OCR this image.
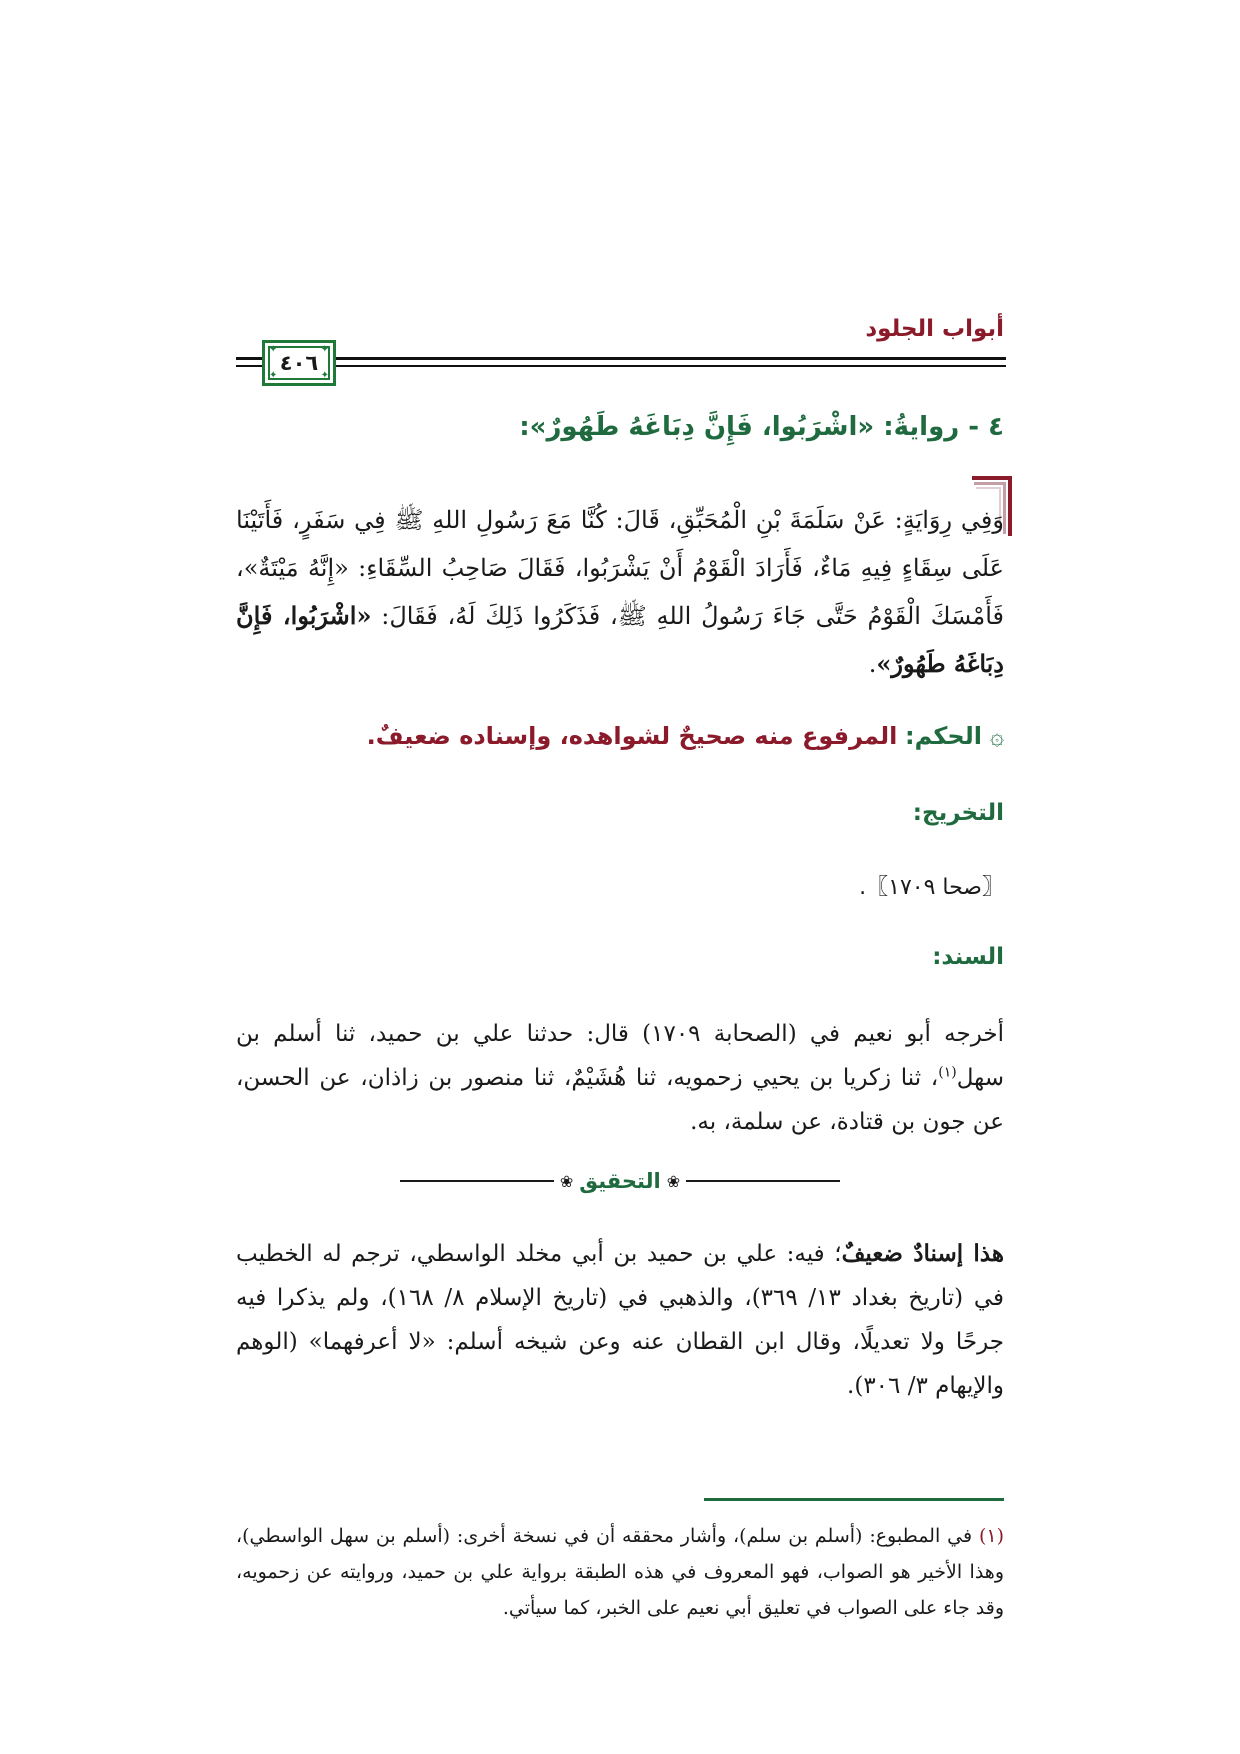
أبواب الجلود
✦	✦
✦	✦
٤٠٦
٤ - روايةُ: «اشْرَبُوا، فَإِنَّ دِبَاغَهُ طَهُورٌ»:
وَفِي رِوَايَةٍ: عَنْ سَلَمَةَ بْنِ الْمُحَبِّقِ، قَالَ: كُنَّا مَعَ رَسُولِ اللهِ ﷺ فِي سَفَرٍ، فَأَتَيْنَا عَلَى سِقَاءٍ فِيهِ مَاءٌ، فَأَرَادَ الْقَوْمُ أَنْ يَشْرَبُوا، فَقَالَ صَاحِبُ السِّقَاءِ: «إِنَّهُ مَيْتَةٌ»، فَأَمْسَكَ الْقَوْمُ حَتَّى جَاءَ رَسُولُ اللهِ ﷺ، فَذَكَرُوا ذَلِكَ لَهُ، فَقَالَ: «اشْرَبُوا، فَإِنَّ دِبَاغَهُ طَهُورٌ».
۞الحكم: المرفوع منه صحيحٌ لشواهده، وإسناده ضعيفٌ.
التخريج:
〖صحا ١٧٠٩〗.
السند:
أخرجه أبو نعيم في (الصحابة ١٧٠٩) قال: حدثنا علي بن حميد، ثنا أسلم بن سهل$^{(١)}$، ثنا زكريا بن يحيي زحمويه، ثنا هُشَيْمٌ، ثنا منصور بن زاذان، عن الحسن، عن جون بن قتادة، عن سلمة، به.
❀
التحقيق
❀
هذا إسنادٌ ضعيفٌ؛ فيه: علي بن حميد بن أبي مخلد الواسطي، ترجم له الخطيب في (تاريخ بغداد ١٣/ ٣٦٩)، والذهبي في (تاريخ الإسلام ٨/ ١٦٨)، ولم يذكرا فيه جرحًا ولا تعديلًا، وقال ابن القطان عنه وعن شيخه أسلم: «لا أعرفهما» (الوهم والإيهام ٣/ ٣٠٦).
(١) في المطبوع: (أسلم بن سلم)، وأشار محققه أن في نسخة أخرى: (أسلم بن سهل الواسطي)، وهذا الأخير هو الصواب، فهو المعروف في هذه الطبقة برواية علي بن حميد، وروايته عن زحمويه، وقد جاء على الصواب في تعليق أبي نعيم على الخبر، كما سيأتي.
